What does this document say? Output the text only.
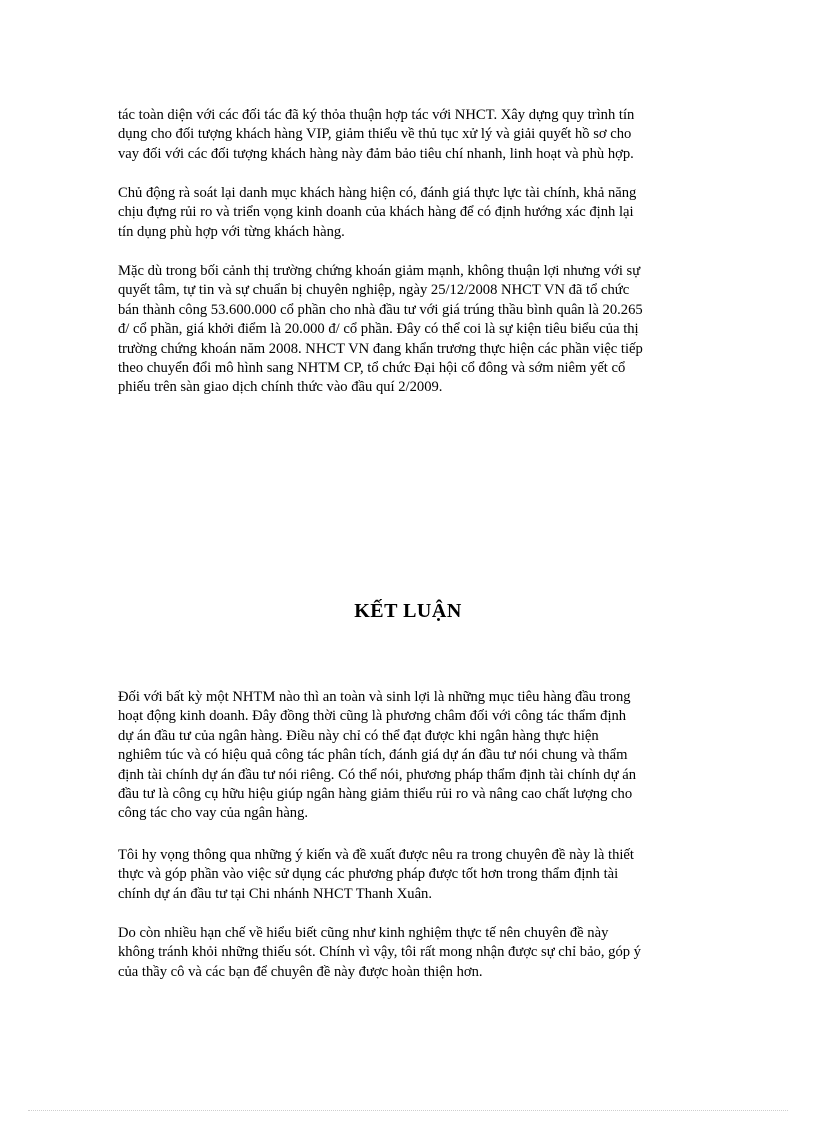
tác toàn diện với các đối tác đã ký thỏa thuận hợp tác với NHCT. Xây dựng quy trình tín
dụng cho đối tượng khách hàng VIP, giảm thiểu về thủ tục xử lý và giải quyết hồ sơ cho
vay đối với các đối tượng khách hàng này đảm bảo tiêu chí nhanh, linh hoạt và phù hợp.
Chủ động rà soát lại danh mục khách hàng hiện có, đánh giá thực lực tài chính, khả năng
chịu đựng rủi ro và triển vọng kinh doanh của khách hàng để có định hướng xác định lại
tín dụng phù hợp với từng khách hàng.
Mặc dù trong bối cảnh thị trường chứng khoán giảm mạnh, không thuận lợi nhưng với sự
quyết tâm, tự tin và sự chuẩn bị chuyên nghiệp, ngày 25/12/2008 NHCT VN đã tổ chức
bán thành công 53.600.000 cổ phần cho nhà đầu tư với giá trúng thầu bình quân là 20.265
đ/ cổ phần, giá khởi điểm là 20.000 đ/ cổ phần. Đây có thể coi là sự kiện tiêu biểu của thị
trường chứng khoán năm 2008. NHCT VN đang khẩn trương thực hiện các phần việc tiếp
theo chuyển đổi mô hình sang NHTM CP, tổ chức Đại hội cổ đông và sớm niêm yết cổ
phiếu trên sàn giao dịch chính thức vào đầu quí 2/2009.
KẾT LUẬN
Đối với bất kỳ một NHTM nào thì an toàn và sinh lợi là những mục tiêu hàng đầu trong
hoạt động kinh doanh. Đây đồng thời cũng là phương châm đối với công tác thẩm định
dự án đầu tư của ngân hàng. Điều này chỉ có thể đạt được khi ngân hàng thực hiện
nghiêm túc và có hiệu quả công tác phân tích, đánh giá dự án đầu tư nói chung và thẩm
định tài chính dự án đầu tư nói riêng. Có thể nói, phương pháp thẩm định tài chính dự án
đầu tư là công cụ hữu hiệu giúp ngân hàng giảm thiểu rủi ro và nâng cao chất lượng cho
công tác cho vay của ngân hàng.
Tôi hy vọng thông qua những ý kiến và đề xuất được nêu ra trong chuyên đề này là thiết
thực và góp phần vào việc sử dụng các phương pháp được tốt hơn trong thẩm định tài
chính dự án đầu tư tại Chi nhánh NHCT Thanh Xuân.
Do còn nhiều hạn chế về hiểu biết cũng như kinh nghiệm thực tế nên chuyên đề này
không tránh khỏi những thiếu sót. Chính vì vậy, tôi rất mong nhận được sự chỉ bảo, góp ý
của thầy cô và các bạn để chuyên đề này được hoàn thiện hơn.
